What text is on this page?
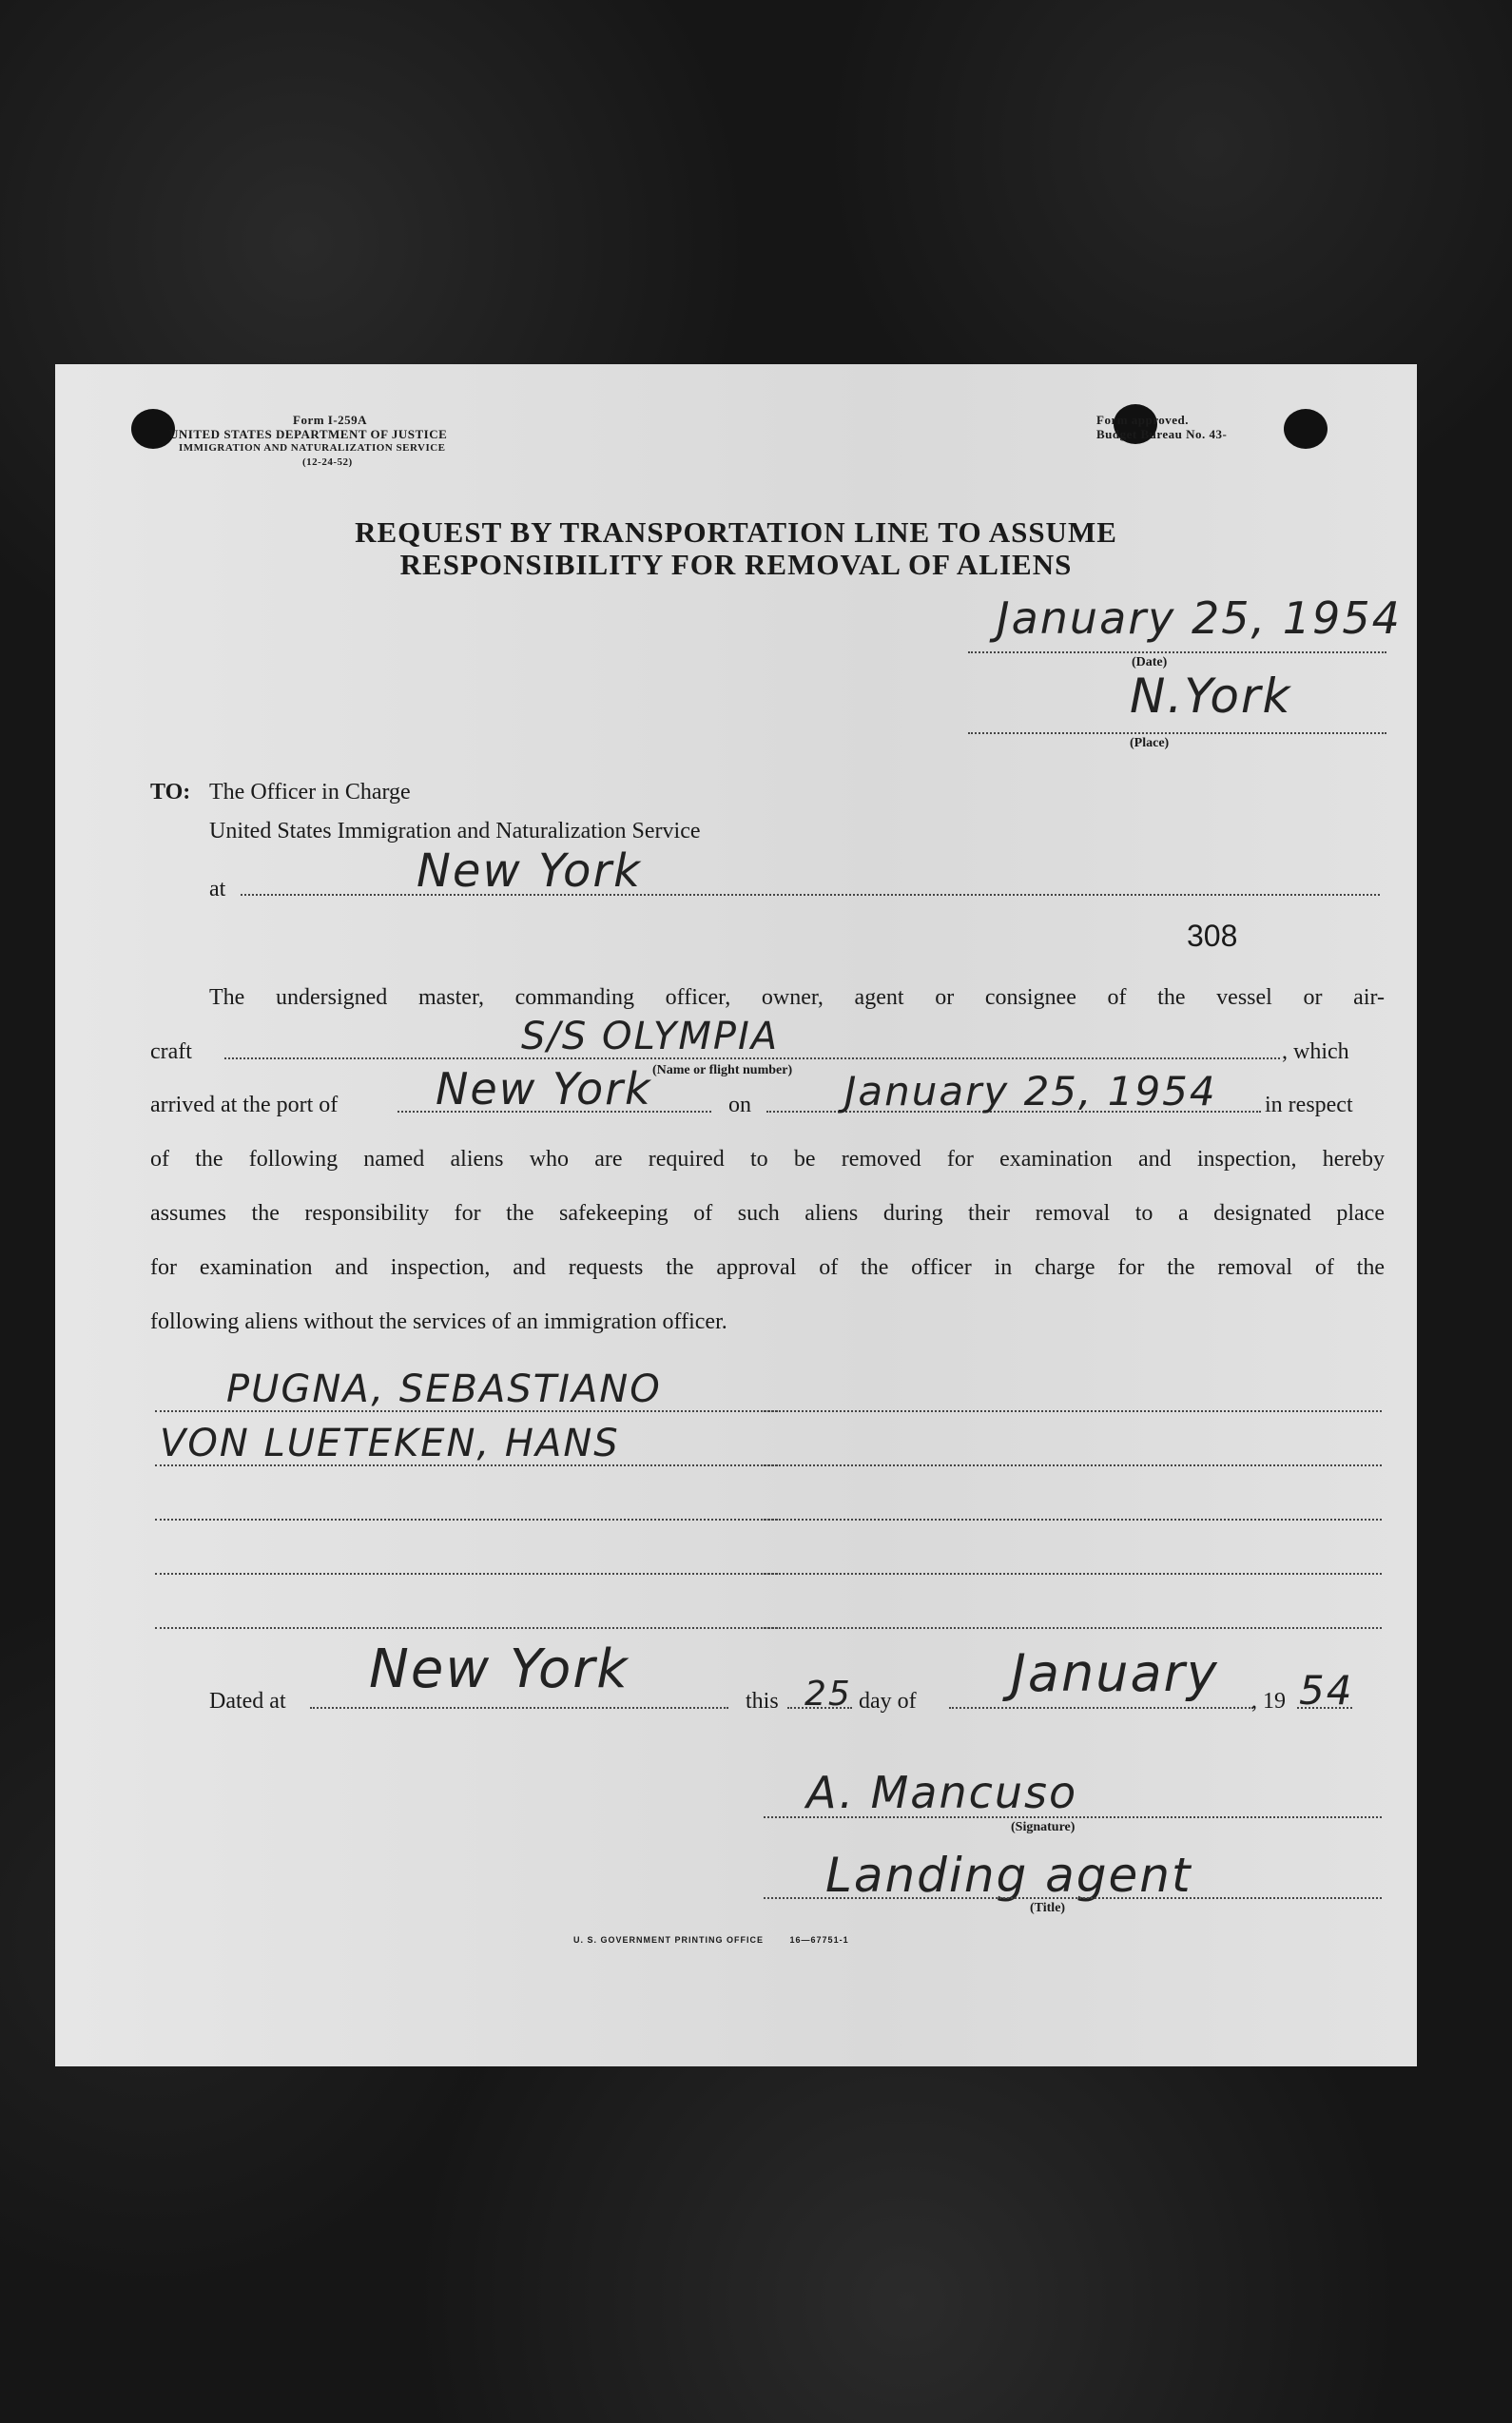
Form I-259A
UNITED STATES DEPARTMENT OF JUSTICE
IMMIGRATION AND NATURALIZATION SERVICE
(12-24-52)
Form approved.
Budget Bureau No. 43-
REQUEST BY TRANSPORTATION LINE TO ASSUME
RESPONSIBILITY FOR REMOVAL OF ALIENS
January 25, 1954
(Date)
N.York
(Place)
TO: The Officer in Charge
United States Immigration and Naturalization Service
at	New York
308
The undersigned master, commanding officer, owner, agent or consignee of the vessel or air-
craft	S/S OLYMPIA	, which
(Name or flight number)
arrived at the port of New York	on January 25, 1954 in respect
of the following named aliens who are required to be removed for examination and inspection, hereby
assumes the responsibility for the safekeeping of such aliens during their removal to a designated place
for examination and inspection, and requests the approval of the officer in charge for the removal of the
following aliens without the services of an immigration officer.
PUGNA, SEBASTIANO
VON LUETEKEN, HANS
Dated at
New York
this 25 day of January , 19 54
A. Mancuso
(Signature)
Landing agent
(Title)
U. S. GOVERNMENT PRINTING OFFICE	16—67751-1
